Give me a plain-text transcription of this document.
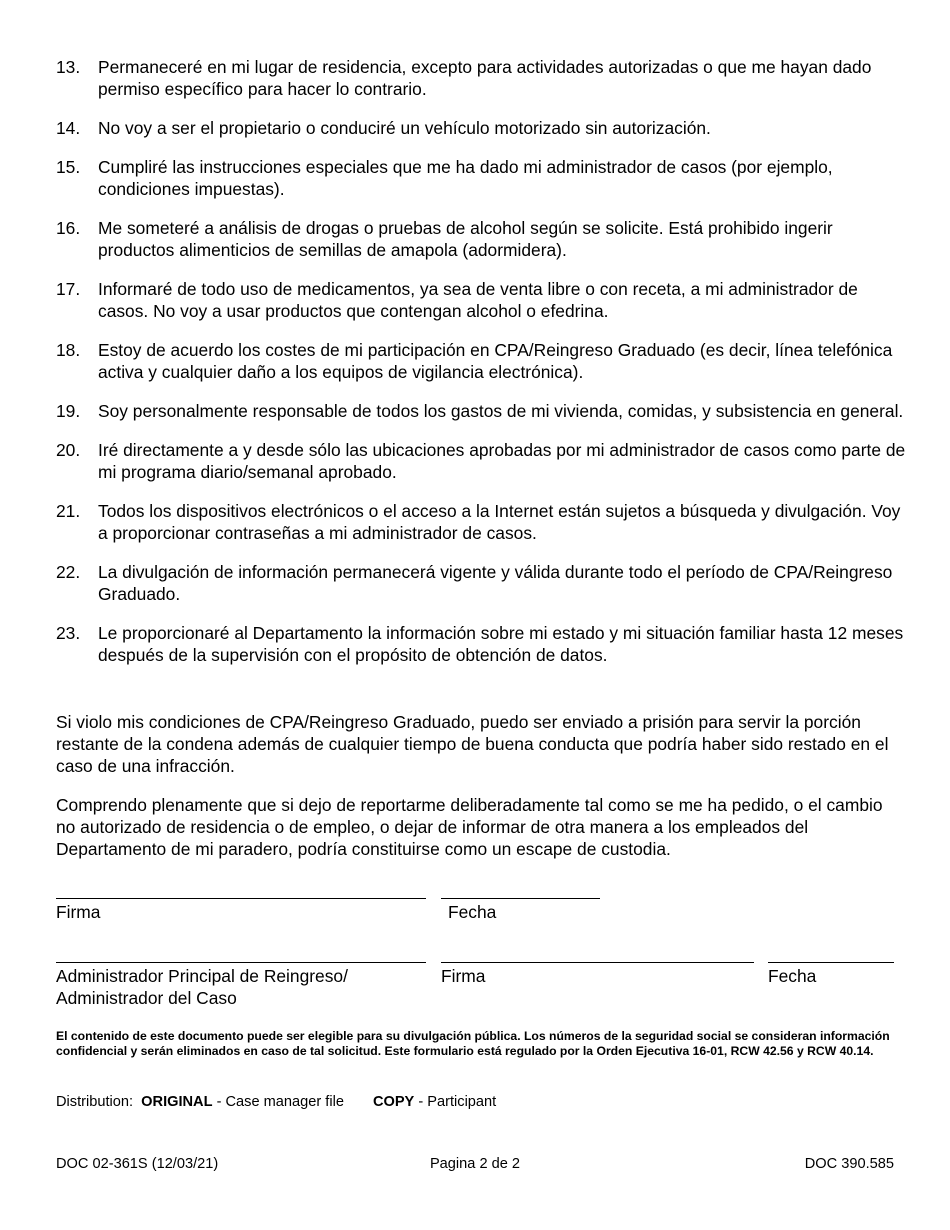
13.	Permaneceré en mi lugar de residencia, excepto para actividades autorizadas o que me hayan dado permiso específico para hacer lo contrario.
14.	No voy a ser el propietario o conduciré un vehículo motorizado sin autorización.
15.	Cumpliré las instrucciones especiales que me ha dado mi administrador de casos (por ejemplo, condiciones impuestas).
16.	Me someteré a análisis de drogas o pruebas de alcohol según se solicite. Está prohibido ingerir productos alimenticios de semillas de amapola (adormidera).
17.	Informaré de todo uso de medicamentos, ya sea de venta libre o con receta, a mi administrador de casos. No voy a usar productos que contengan alcohol o efedrina.
18.	Estoy de acuerdo los costes de mi participación en CPA/Reingreso Graduado (es decir, línea telefónica activa y cualquier daño a los equipos de vigilancia electrónica).
19.	Soy personalmente responsable de todos los gastos de mi vivienda, comidas, y subsistencia en general.
20.	Iré directamente a y desde sólo las ubicaciones aprobadas por mi administrador de casos como parte de mi programa diario/semanal aprobado.
21.	Todos los dispositivos electrónicos o el acceso a la Internet están sujetos a búsqueda y divulgación. Voy a proporcionar contraseñas a mi administrador de casos.
22.	La divulgación de información permanecerá vigente y válida durante todo el período de CPA/Reingreso Graduado.
23.	Le proporcionaré al Departamento la información sobre mi estado y mi situación familiar hasta 12 meses después de la supervisión con el propósito de obtención de datos.

Si violo mis condiciones de CPA/Reingreso Graduado, puedo ser enviado a prisión para servir la porción restante de la condena además de cualquier tiempo de buena conducta que podría haber sido restado en el caso de una infracción.

Comprendo plenamente que si dejo de reportarme deliberadamente tal como se me ha pedido, o el cambio no autorizado de residencia o de empleo, o dejar de informar de otra manera a los empleados del Departamento de mi paradero, podría constituirse como un escape de custodia.

Firma	Fecha
Administrador Principal de Reingreso/
Administrador del Caso
Firma	Fecha
El contenido de este documento puede ser elegible para su divulgación pública. Los números de la seguridad social se consideran información confidencial y serán eliminados en caso de tal solicitud. Este formulario está regulado por la Orden Ejecutiva 16-01, RCW 42.56 y RCW 40.14.
Distribution: ORIGINAL - Case manager file COPY - Participant
DOC 02-361S (12/03/21)	Pagina 2 de 2	DOC 390.585
